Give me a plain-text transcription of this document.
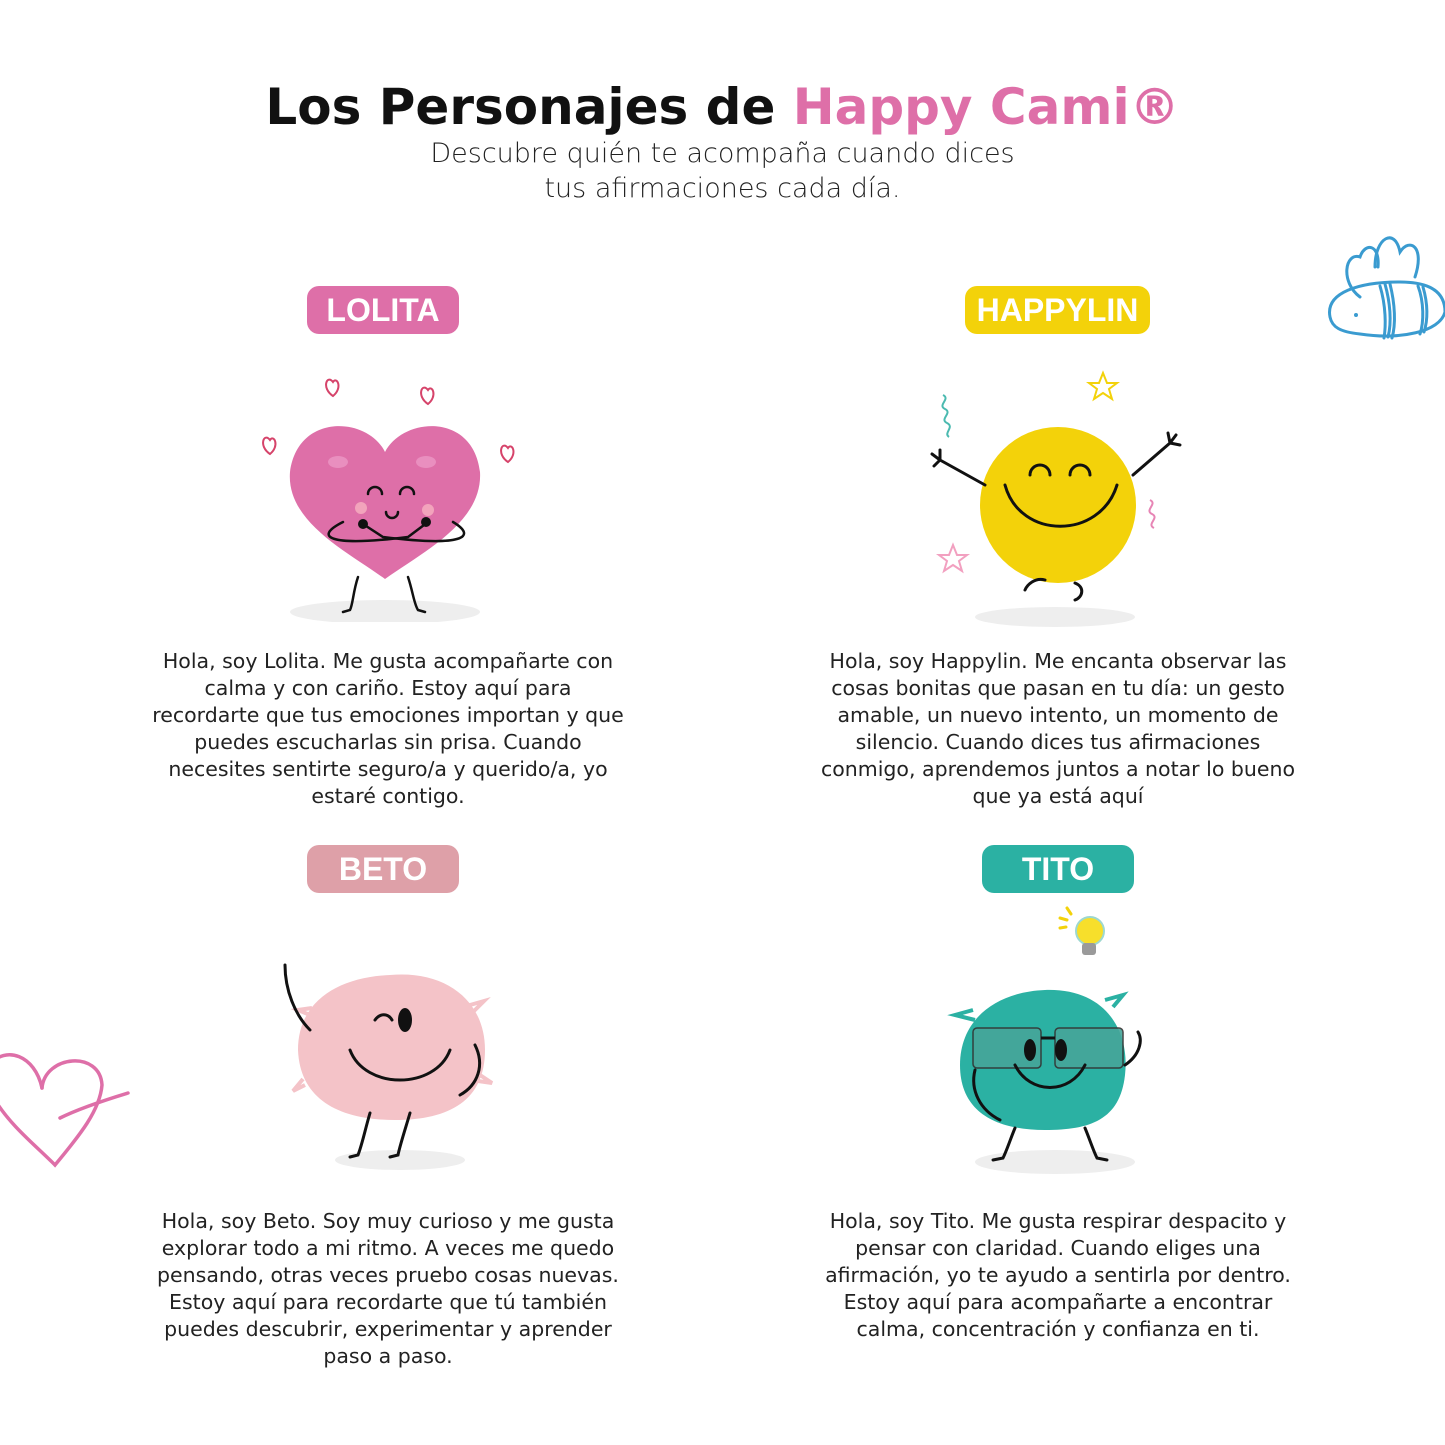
Los Personajes de Happy Cami®
Descubre quién te acompaña cuando dices
tus afirmaciones cada día.
LOLITA
Hola, soy Lolita. Me gusta acompañarte con calma y con cariño. Estoy aquí para recordarte que tus emociones importan y que puedes escucharlas sin prisa. Cuando necesites sentirte seguro/a y querido/a, yo estaré contigo.
HAPPYLIN
Hola, soy Happylin. Me encanta observar las cosas bonitas que pasan en tu día: un gesto amable, un nuevo intento, un momento de silencio. Cuando dices tus afirmaciones conmigo, aprendemos juntos a notar lo bueno que ya está aquí
BETO
Hola, soy Beto. Soy muy curioso y me gusta explorar todo a mi ritmo. A veces me quedo pensando, otras veces pruebo cosas nuevas. Estoy aquí para recordarte que tú también puedes descubrir, experimentar y aprender paso a paso.
TITO
Hola, soy Tito. Me gusta respirar despacito y pensar con claridad. Cuando eliges una afirmación, yo te ayudo a sentirla por dentro. Estoy aquí para acompañarte a encontrar calma, concentración y confianza en ti.
